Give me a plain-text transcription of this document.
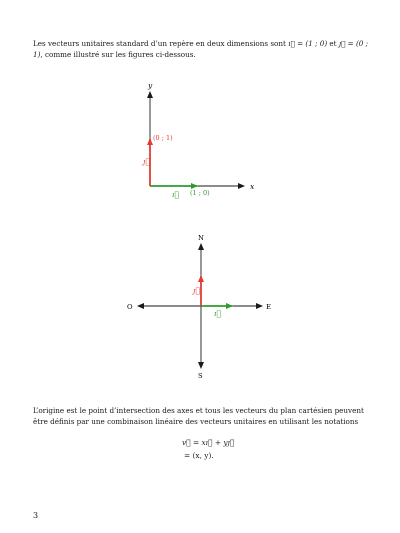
Les vecteurs unitaires standard d’un repère en deux dimensions sont ı⃗ = (1 ; 0) et ȷ⃗ = (0 ; 1), comme illustré sur les figures ci-dessous.

x
y
ı⃗ (1 ; 0)
ȷ⃗
(0 ; 1)
N
S
E
O
ı⃗
ȷ⃗

L’origine est le point d’intersection des axes et tous les vecteurs du plan cartésien peuvent être définis par une combinaison linéaire des vecteurs unitaires en utilisant les notations

v⃗ = xı⃗ + yȷ⃗
= (x, y).
3
